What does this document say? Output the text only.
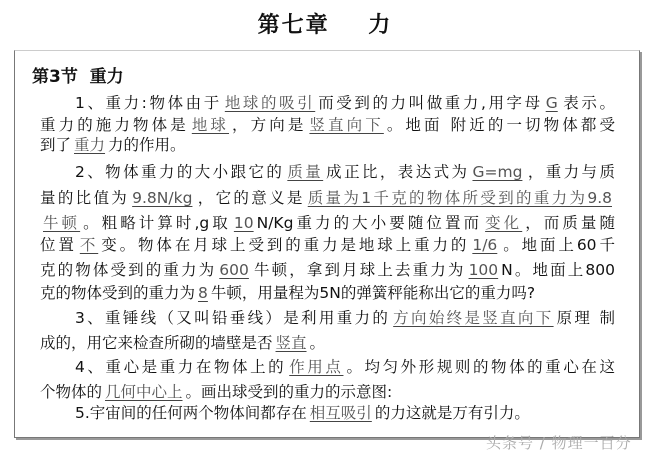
第七章    力
第3节  重力
1、重力:物体由于 地球的吸引 而受到的力叫做重力,用字母 G 表示。
重力的施力物体是 地球 ，方向是 竖直向下 。地面 附近的一切物体都受
到了 重力 力的作用。
2、物体重力的大小跟它的 质量 成正比，表达式为 G=mg ，重力与质
量的比值为 9.8N/kg ，它的意义是 质量为1千克的物体所受到的重力为9.8
牛顿 。粗略计算时,g取 10 N/Kg重力的大小要随位置而 变化 ，而质量随
位置 不 变。物体在月球上受到的重力是地球上重力的 1/6 。地面上60千
克的物体受到的重力为 600 牛顿，拿到月球上去重力为 100 N。地面上800
克的物体受到的重力为 8 牛顿，用量程为5N的弹簧秤能称出它的重力吗?
3、重锤线（又叫铅垂线）是利用重力的 方向始终是竖直向下 原理 制
成的，用它来检查所砌的墙壁是否 竖直 。
4、重心是重力在物体上的 作用点 。均匀外形规则的物体的重心在这
个物体的 几何中心上 。画出球受到的重力的示意图:
5.宇宙间的任何两个物体间都存在 相互吸引 的力这就是万有引力。
头条号 / 物理一百分
